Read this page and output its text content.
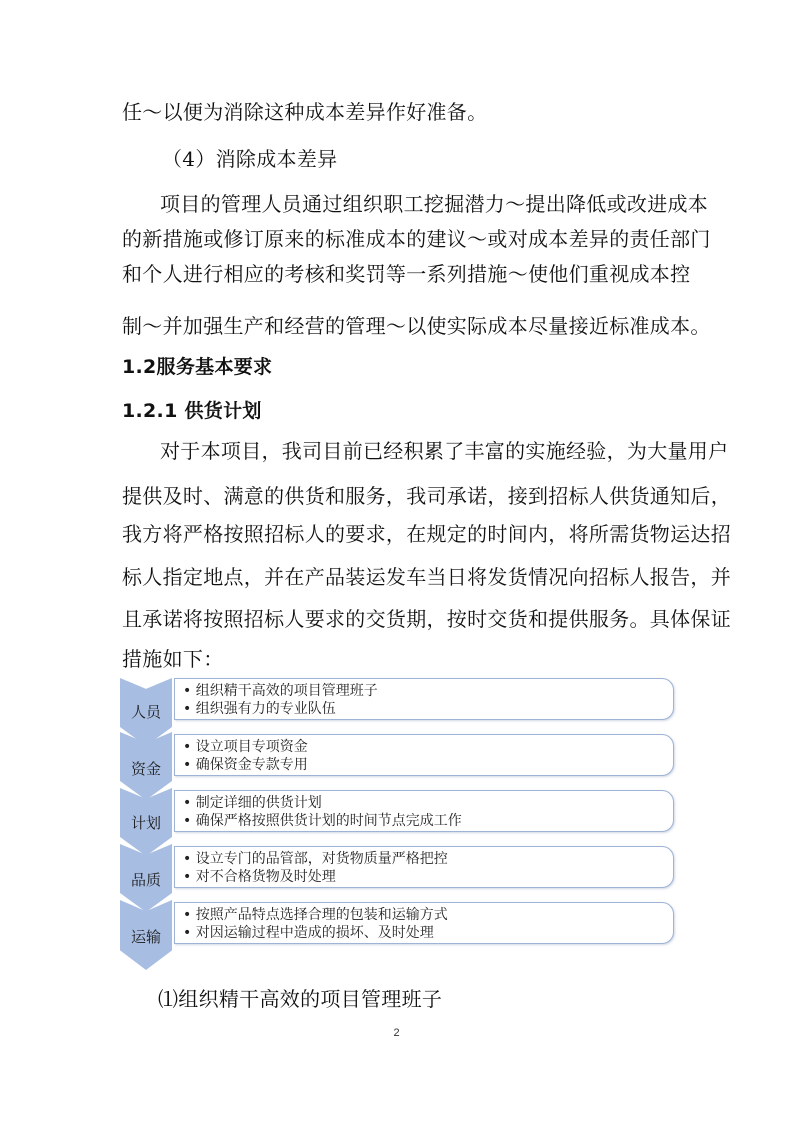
任～以便为消除这种成本差异作好准备。
（4）消除成本差异
项目的管理人员通过组织职工挖掘潜力～提出降低或改进成本
的新措施或修订原来的标准成本的建议～或对成本差异的责任部门
和个人进行相应的考核和奖罚等一系列措施～使他们重视成本控
制～并加强生产和经营的管理～以使实际成本尽量接近标准成本。
1.2服务基本要求
1.2.1 供货计划
对于本项目，我司目前已经积累了丰富的实施经验，为大量用户
提供及时、满意的供货和服务，我司承诺，接到招标人供货通知后，
我方将严格按照招标人的要求，在规定的时间内，将所需货物运达招
标人指定地点，并在产品装运发车当日将发货情况向招标人报告，并
且承诺将按照招标人要求的交货期，按时交货和提供服务。具体保证
措施如下：
人员
• 组织精干高效的项目管理班子
• 组织强有力的专业队伍
资金
• 设立项目专项资金
• 确保资金专款专用
计划
• 制定详细的供货计划
• 确保严格按照供货计划的时间节点完成工作
品质
• 设立专门的品管部，对货物质量严格把控
• 对不合格货物及时处理
运输
• 按照产品特点选择合理的包装和运输方式
• 对因运输过程中造成的损坏、及时处理
⑴组织精干高效的项目管理班子
2
